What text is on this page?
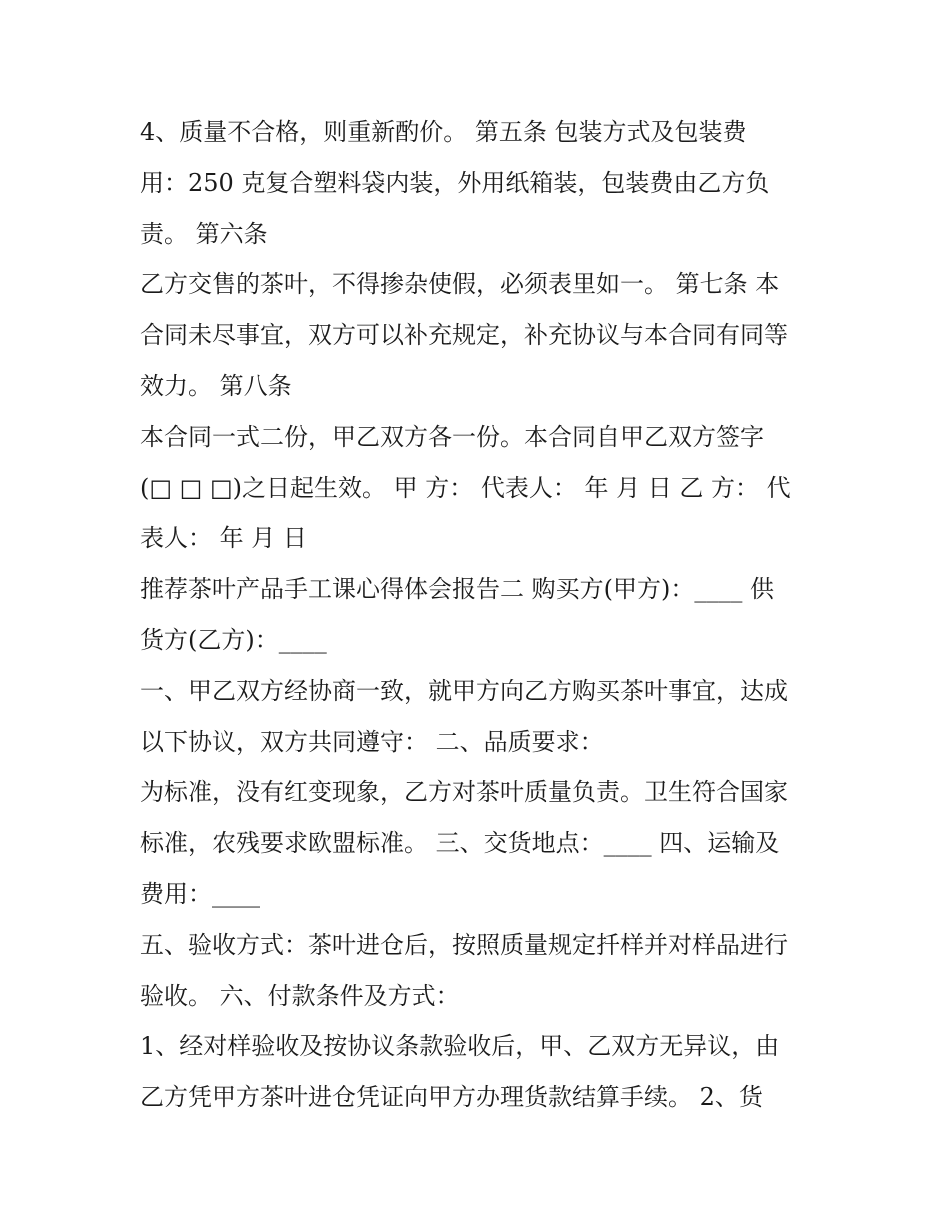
4、质量不合格，则重新酌价。 第五条 包装方式及包装费
用：250 克复合塑料袋内装，外用纸箱装，包装费由乙方负
责。 第六条
乙方交售的茶叶，不得掺杂使假，必须表里如一。 第七条 本
合同未尽事宜，双方可以补充规定，补充协议与本合同有同等
效力。 第八条
本合同一式二份，甲乙双方各一份。本合同自甲乙双方签字
(□ □ □)之日起生效。 甲 方： 代表人： 年 月 日 乙 方： 代
表人： 年 月 日
推荐茶叶产品手工课心得体会报告二 购买方(甲方)：____ 供
货方(乙方)：____
一、甲乙双方经协商一致，就甲方向乙方购买茶叶事宜，达成
以下协议，双方共同遵守： 二、品质要求：
为标准，没有红变现象，乙方对茶叶质量负责。卫生符合国家
标准，农残要求欧盟标准。 三、交货地点：____ 四、运输及
费用：____
五、验收方式：茶叶进仓后，按照质量规定扦样并对样品进行
验收。 六、付款条件及方式：
1、经对样验收及按协议条款验收后，甲、乙双方无异议，由
乙方凭甲方茶叶进仓凭证向甲方办理货款结算手续。 2、货
